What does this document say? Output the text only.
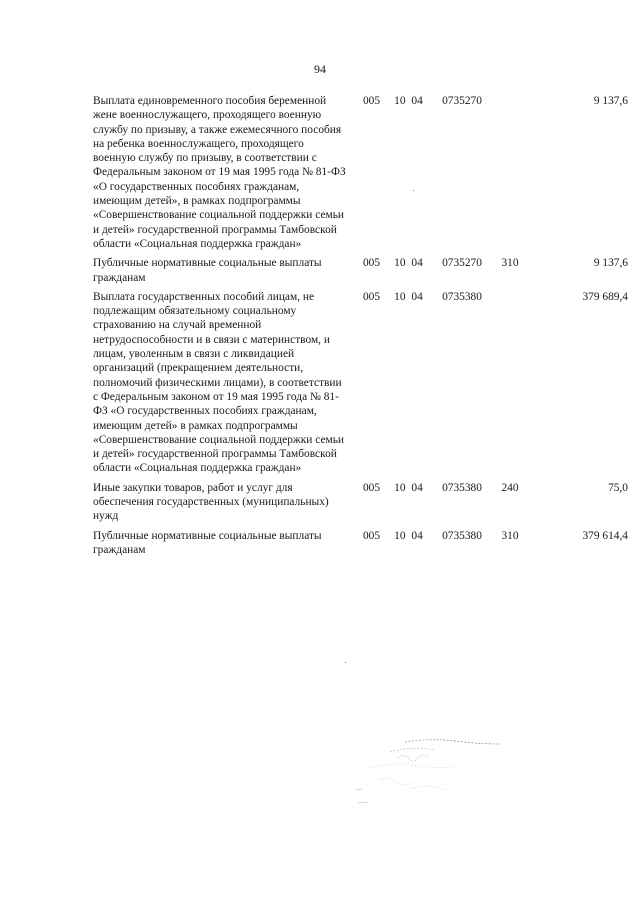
94
Выплата единовременного пособия беременной жене военнослужащего, проходящего военную службу по призыву, а также ежемесячного пособия на ребенка военнослужащего, проходящего военную службу по призыву, в соответствии с Федеральным законом от 19 мая 1995 года № 81-ФЗ «О государственных пособиях гражданам, имеющим детей», в рамках подпрограммы «Совершенствование социальной поддержки семьи и детей» государственной программы Тамбовской области «Социальная поддержка граждан»	005	10 04	0735270		9 137,6
Публичные нормативные социальные выплаты гражданам	005	10 04	0735270	310	9 137,6
Выплата государственных пособий лицам, не подлежащим обязательному социальному страхованию на случай временной нетрудоспособности и в связи с материнством, и лицам, уволенным в связи с ликвидацией организаций (прекращением деятельности, полномочий физическими лицами), в соответствии с Федеральным законом от 19 мая 1995 года № 81-ФЗ «О государственных пособиях гражданам, имеющим детей» в рамках подпрограммы «Совершенствование социальной поддержки семьи и детей» государственной программы Тамбовской области «Социальная поддержка граждан»	005	10 04	0735380		379 689,4
Иные закупки товаров, работ и услуг для обеспечения государственных (муниципальных) нужд	005	10 04	0735380	240	75,0
Публичные нормативные социальные выплаты гражданам	005	10 04	0735380	310	379 614,4
